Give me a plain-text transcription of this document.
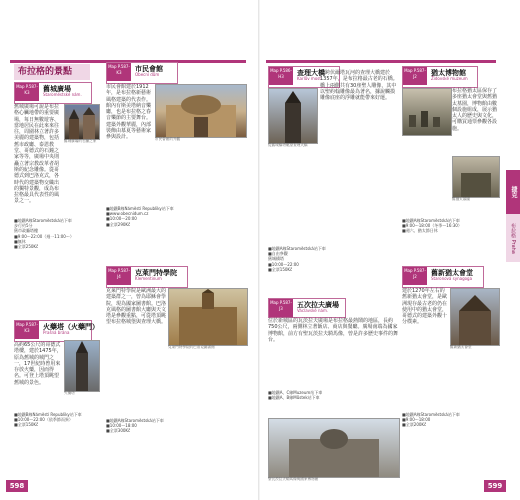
布拉格的景點
Map P.587-K3	舊城廣場
Staroměstské nám.
舊城廣場的石鐘之家
舊城廣場可說是布拉格心臟地帶的重要廣場，每日無數遊客、當地居民在此來來往往，周圍林立著許多美麗的建築物，包括舊市政廳、泰恩教堂、哥德式的石鐘之家等等，廣場中央則矗立著宗教改革者胡斯的紀念雕像。從哥德式到巴洛克式，各時代的建築物交織出的獨特景觀，成為布拉格最具代表性的風景之一。
■地鐵A線Staroměstská站下車
步行約5分
舊市政廳塔樓
■9:00～22:00（週一11:00～）
■無休
■全票250Kč
Map P.587-K3	火藥塔（火藥門）
Prašná brána
高約65公尺的哥德式塔樓，建於1475年，原為舊城的城門之一，17世紀時曾用來存放火藥，因而得名。可登上塔頂眺望舊城的景色。
火藥塔
■地鐵B線Náměstí Republiky站下車
■10:00～22:00（依季節而異）
■全票150Kč
Map P.587-K3	市民會館
Obecní dům
市民會館建於1912年，是布拉格新藝術風格建築的代表作。館內有斯美塔納音樂廳，也是布拉格之春音樂節的主要舞台。建築外觀華麗，內部裝飾由慕夏等藝術家參與設計。	市民會館的外觀
■地鐵B線Náměstí Republiky站下車
■www.obecnidum.cz
■10:00～20:00
■全票290Kč
Map P.587-J4	克萊門特學院
Klementinum
克萊門特學院是歐洲最大的建築群之一，曾為耶穌會學院，現為國家圖書館。巴洛克風格的圖書館大廳與天文塔是參觀重點，可從塔頂眺望布拉格城堡與查理大橋。
克萊門特學院的巴洛克圖書館
■地鐵A線Staroměstská站下車
■10:00～18:00
■全票300Kč
598
Map P.586-H3	查理大橋
Karlův most
從舊城橋塔眺望查理大橋
橫跨伏爾塔瓦河的查理大橋建於1357年，是布拉格最古老的石橋。橋上兩側共有30座聖人雕像，其中以聖約翰雕像最為著名，據說觸摸雕像底座的浮雕就能帶來好運。
■地鐵A線Staroměstská站下車
■自由參觀
舊城橋塔
■10:00～22:00
■全票150Kč
Map P.587-J3	五次拉夫廣場
Václavské nám.
位於新城區的瓦茨拉夫廣場是布拉格最熱鬧的地區，長約750公尺，兩側林立著飯店、商店與餐廳。廣場南端為國家博物館，前方有聖瓦茨拉夫騎馬像，曾是許多歷史事件的舞台。
■地鐵A、C線Muzeum站下車
■地鐵A、B線Můstek站下車
聖瓦茨拉夫騎馬像與國家博物館
Map P.587-J2	猶太博物館
Židovské muzeum
布拉格猶太區保存了多座猶太會堂與舊猶太墓園，博物館由數個設施組成，展示猶太人的歷史與文化，可購買通票參觀各設施。
舊猶太墓園
■地鐵A線Staroměstská站下車
■9:00～18:00（冬季～16:30）
■週六、猶太節日休
Map P.587-J2	舊新猶太會堂
Staronová synagoga
建於1270年左右的舊新猶太會堂，是歐洲現存最古老的仍在使用中的猶太會堂，哥德式的建築外觀十分樸素。
舊新猶太會堂
■地鐵A線Staroměstská站下車
■9:00～18:00
■全票200Kč
捷克
布拉格 Praha
599
